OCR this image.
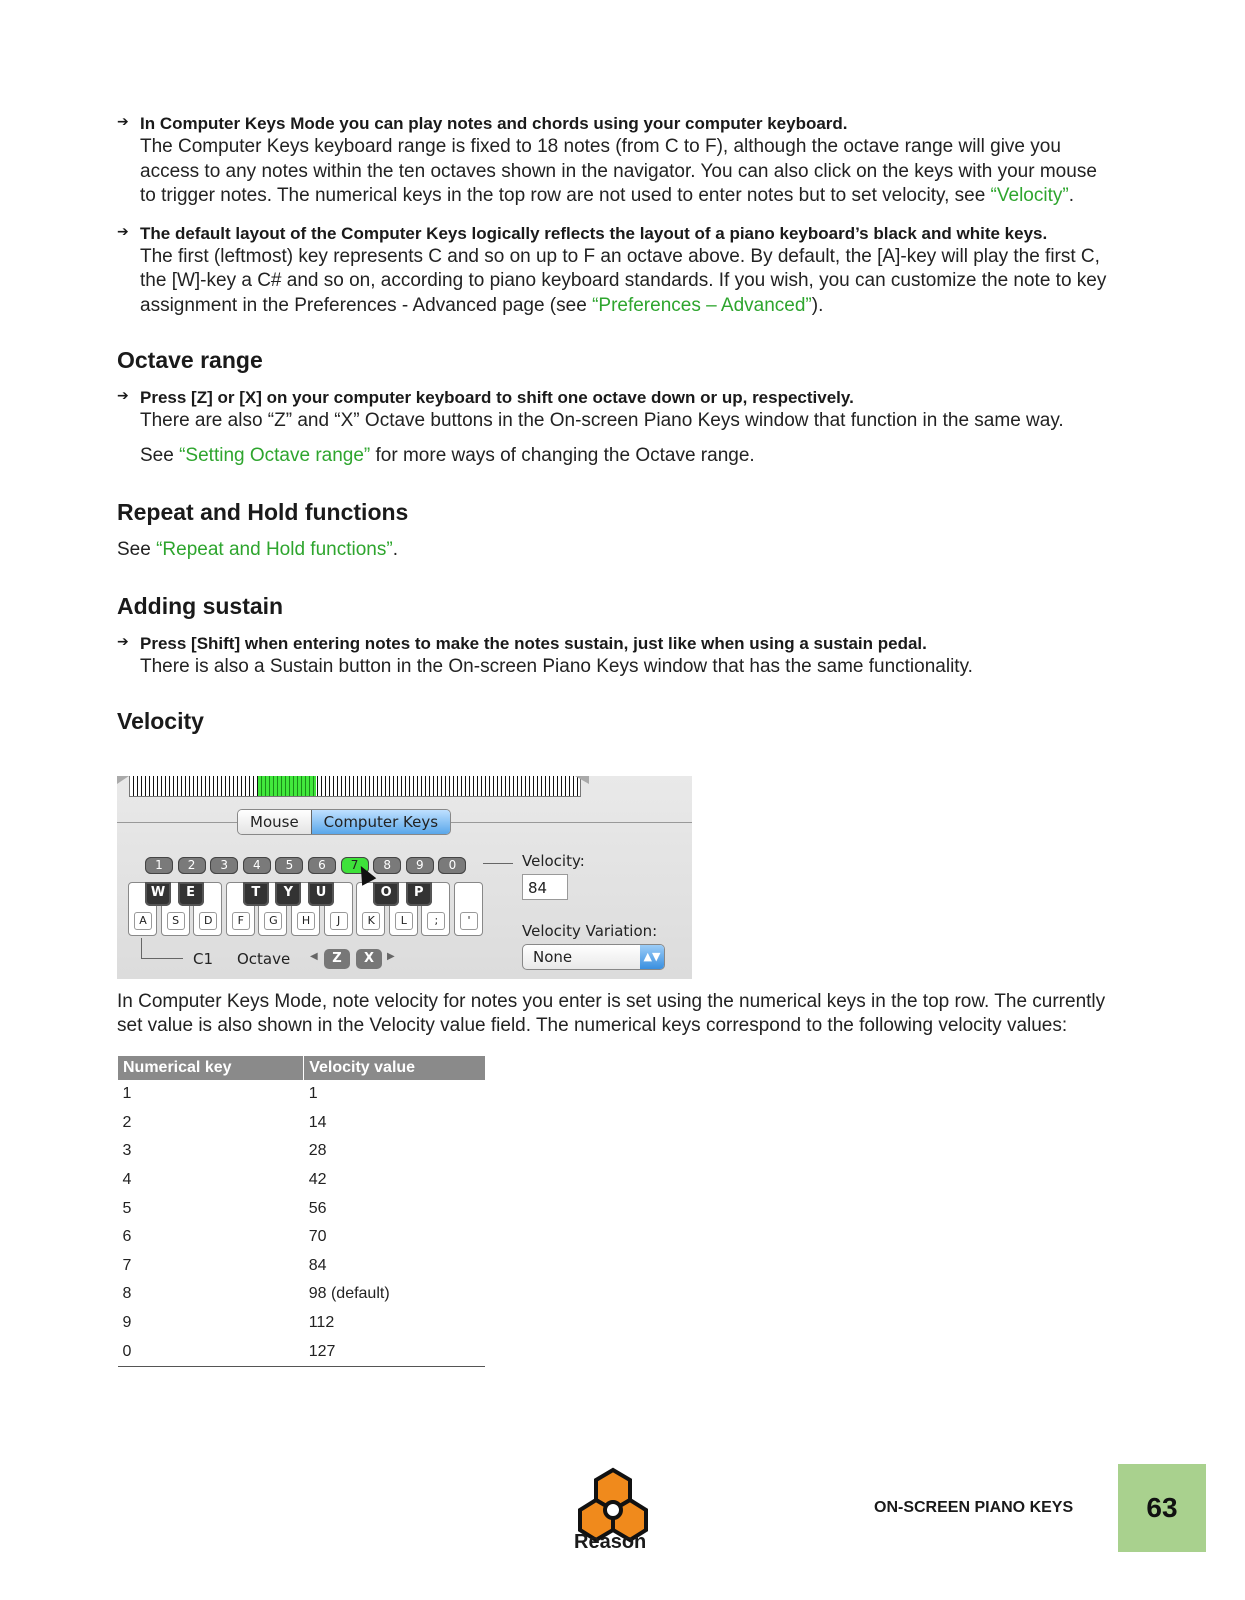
➔ In Computer Keys Mode you can play notes and chords using your computer keyboard.
The Computer Keys keyboard range is fixed to 18 notes (from C to F), although the octave range will give you access to any notes within the ten octaves shown in the navigator. You can also click on the keys with your mouse to trigger notes. The numerical keys in the top row are not used to enter notes but to set velocity, see “Velocity”.
➔ The default layout of the Computer Keys logically reflects the layout of a piano keyboard’s black and white keys.
The first (leftmost) key represents C and so on up to F an octave above. By default, the [A]-key will play the first C, the [W]-key a C# and so on, according to piano keyboard standards. If you wish, you can customize the note to key assignment in the Preferences - Advanced page (see “Preferences – Advanced”).
Octave range
➔ Press [Z] or [X] on your computer keyboard to shift one octave down or up, respectively.
There are also “Z” and “X” Octave buttons in the On-screen Piano Keys window that function in the same way.
See “Setting Octave range” for more ways of changing the Octave range.
Repeat and Hold functions
See “Repeat and Hold functions”.
Adding sustain
➔ Press [Shift] when entering notes to make the notes sustain, just like when using a sustain pedal.
There is also a Sustain button in the On-screen Piano Keys window that has the same functionality.
Velocity
Mouse	Computer Keys
1	2	3	4	5	6	7	8	9	0
A	S	D	F	G	H	J	K	L	;	'
W	E	T	Y	U	O	P
Velocity:
84
Velocity Variation:
None	▲▼
C1 Octave ◀	Z	X	▶
In Computer Keys Mode, note velocity for notes you enter is set using the numerical keys in the top row. The currently set value is also shown in the Velocity value field. The numerical keys correspond to the following velocity values:
Numerical key	Velocity value
1	1
2	14
3	28
4	42
5	56
6	70
7	84
8	98 (default)
9	112
0	127
Reason
ON-SCREEN PIANO KEYS	63
